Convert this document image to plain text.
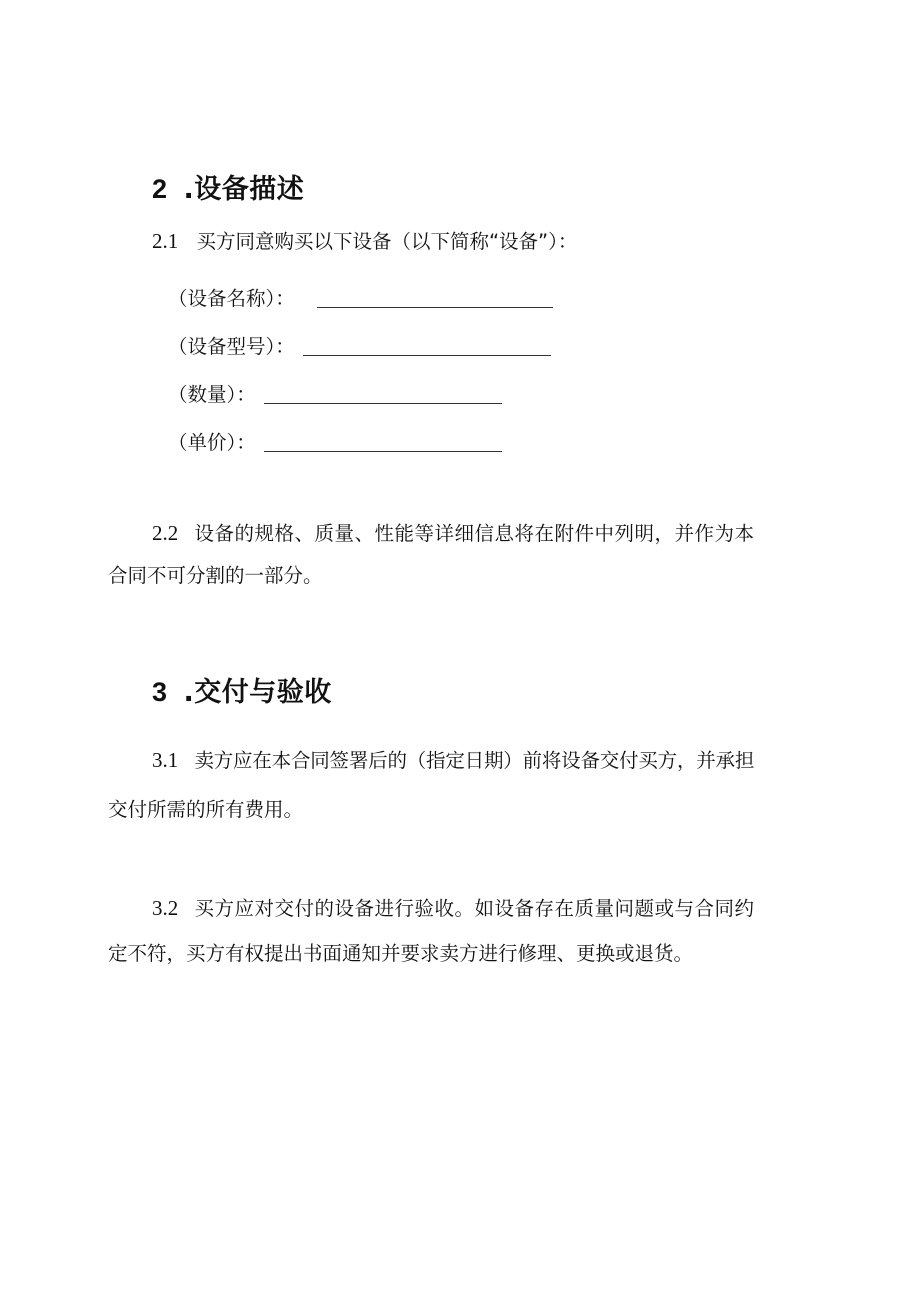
2 .设备描述
2.1 买方同意购买以下设备（以下简称“设备”）：
（设备名称）：
（设备型号）：
（数量）：
（单价）：
2.2 设备的规格、质量、性能等详细信息将在附件中列明，并作为本
合同不可分割的一部分。
3 .交付与验收
3.1 卖方应在本合同签署后的（指定日期）前将设备交付买方，并承担
交付所需的所有费用。
3.2 买方应对交付的设备进行验收。如设备存在质量问题或与合同约
定不符，买方有权提出书面通知并要求卖方进行修理、更换或退货。
